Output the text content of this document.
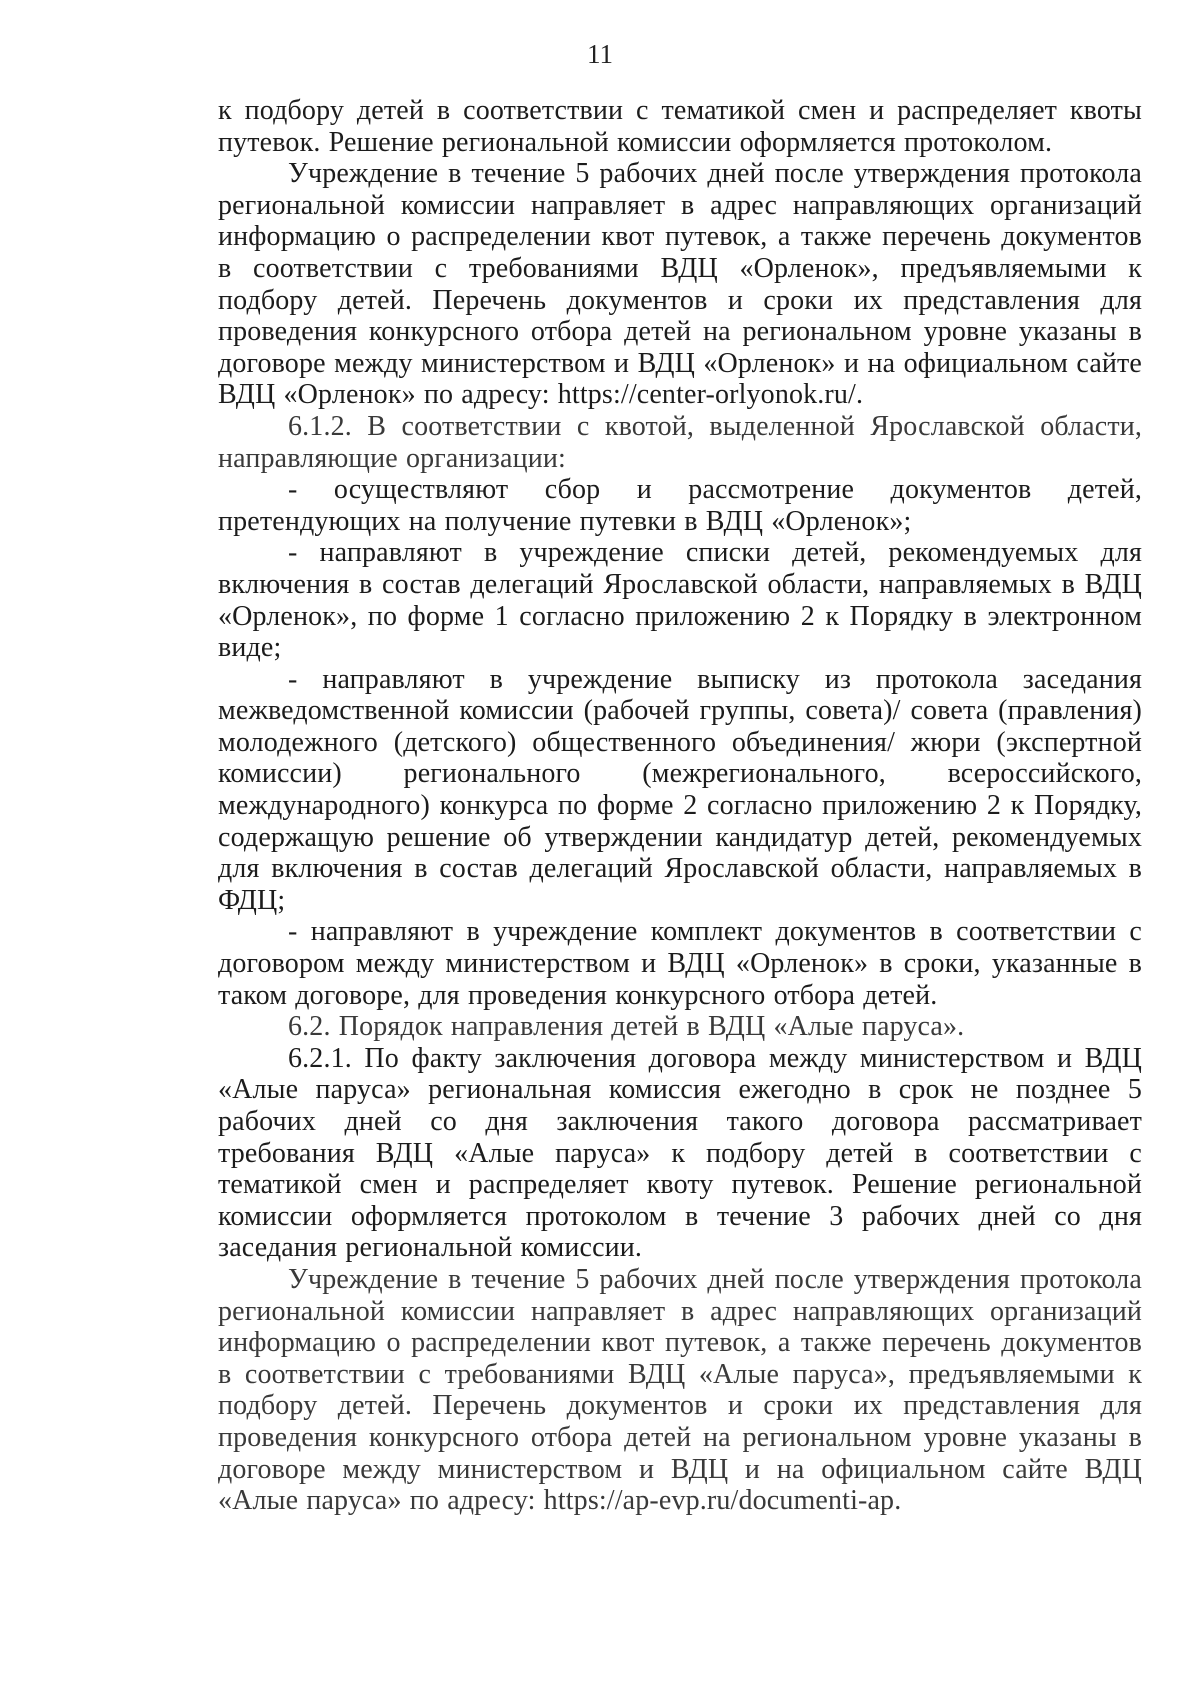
11

к подбору детей в соответствии с тематикой смен и распределяет квоты путевок. Решение региональной комиссии оформляется протоколом.

Учреждение в течение 5 рабочих дней после утверждения протокола региональной комиссии направляет в адрес направляющих организаций информацию о распределении квот путевок, а также перечень документов в соответствии с требованиями ВДЦ «Орленок», предъявляемыми к подбору детей. Перечень документов и сроки их представления для проведения конкурсного отбора детей на региональном уровне указаны в договоре между министерством и ВДЦ «Орленок» и на официальном сайте ВДЦ «Орленок» по адресу: https://center-orlyonok.ru/.

6.1.2. В соответствии с квотой, выделенной Ярославской области, направляющие организации:

- осуществляют сбор и рассмотрение документов детей, претендующих на получение путевки в ВДЦ «Орленок»;

- направляют в учреждение списки детей, рекомендуемых для включения в состав делегаций Ярославской области, направляемых в ВДЦ «Орленок», по форме 1 согласно приложению 2 к Порядку в электронном виде;

- направляют в учреждение выписку из протокола заседания межведомственной комиссии (рабочей группы, совета)/ совета (правления) молодежного (детского) общественного объединения/ жюри (экспертной комиссии) регионального (межрегионального, всероссийского, международного) конкурса по форме 2 согласно приложению 2 к Порядку, содержащую решение об утверждении кандидатур детей, рекомендуемых для включения в состав делегаций Ярославской области, направляемых в ФДЦ;

- направляют в учреждение комплект документов в соответствии с договором между министерством и ВДЦ «Орленок» в сроки, указанные в таком договоре, для проведения конкурсного отбора детей.

6.2. Порядок направления детей в ВДЦ «Алые паруса».

6.2.1. По факту заключения договора между министерством и ВДЦ «Алые паруса» региональная комиссия ежегодно в срок не позднее 5 рабочих дней со дня заключения такого договора рассматривает требования ВДЦ «Алые паруса» к подбору детей в соответствии с тематикой смен и распределяет квоту путевок. Решение региональной комиссии оформляется протоколом в течение 3 рабочих дней со дня заседания региональной комиссии.

Учреждение в течение 5 рабочих дней после утверждения протокола региональной комиссии направляет в адрес направляющих организаций информацию о распределении квот путевок, а также перечень документов в соответствии с требованиями ВДЦ «Алые паруса», предъявляемыми к подбору детей. Перечень документов и сроки их представления для проведения конкурсного отбора детей на региональном уровне указаны в договоре между министерством и ВДЦ и на официальном сайте ВДЦ «Алые паруса» по адресу: https://ap-evp.ru/documenti-ap.
